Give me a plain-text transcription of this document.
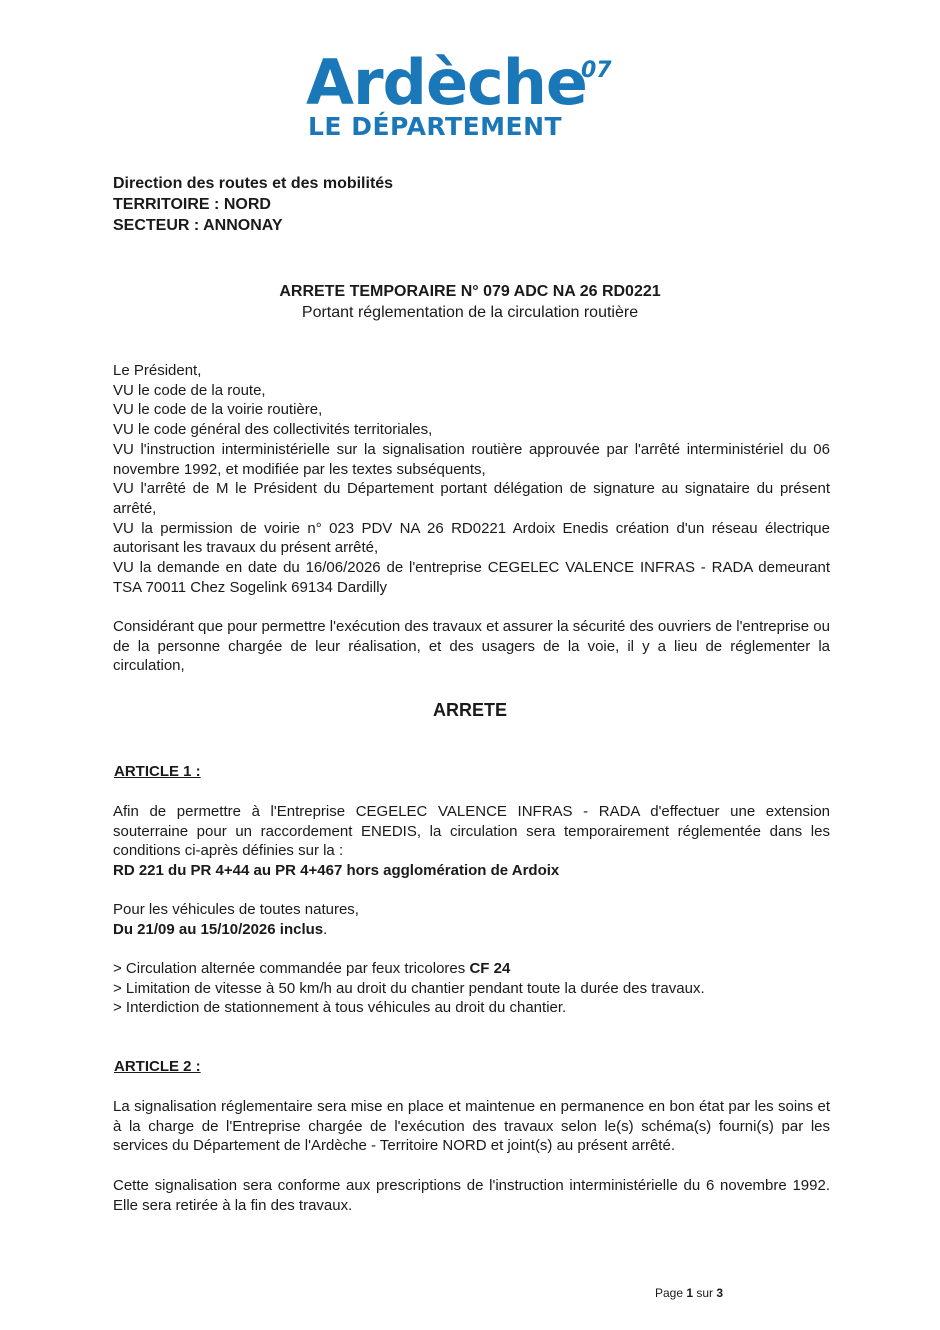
Ardèche
07
LE DÉPARTEMENT
Direction des routes et des mobilités
TERRITOIRE : NORD
SECTEUR : ANNONAY
ARRETE TEMPORAIRE N° 079 ADC NA 26 RD0221
Portant réglementation de la circulation routière
Le Président,
VU le code de la route,
VU le code de la voirie routière,
VU le code général des collectivités territoriales,
VU l'instruction interministérielle sur la signalisation routière approuvée par l'arrêté interministériel du 06 novembre 1992, et modifiée par les textes subséquents,
VU l'arrêté de M le Président du Département portant délégation de signature au signataire du présent arrêté,
VU la permission de voirie n° 023 PDV NA 26 RD0221 Ardoix Enedis création d'un réseau électrique autorisant les travaux du présent arrêté,
VU la demande en date du 16/06/2026 de l'entreprise CEGELEC VALENCE INFRAS - RADA demeurant TSA 70011 Chez Sogelink 69134 Dardilly
Considérant que pour permettre l'exécution des travaux et assurer la sécurité des ouvriers de l'entreprise ou de la personne chargée de leur réalisation, et des usagers de la voie, il y a lieu de réglementer la circulation,
ARRETE
ARTICLE 1 :
Afin de permettre à l'Entreprise CEGELEC VALENCE INFRAS - RADA d'effectuer une extension souterraine pour un raccordement ENEDIS, la circulation sera temporairement réglementée dans les conditions ci-après définies sur la :
RD 221 du PR 4+44 au PR 4+467 hors agglomération de Ardoix
Pour les véhicules de toutes natures,
Du 21/09 au 15/10/2026 inclus.
> Circulation alternée commandée par feux tricolores CF 24
> Limitation de vitesse à 50 km/h au droit du chantier pendant toute la durée des travaux.
> Interdiction de stationnement à tous véhicules au droit du chantier.
ARTICLE 2 :
La signalisation réglementaire sera mise en place et maintenue en permanence en bon état par les soins et à la charge de l'Entreprise chargée de l'exécution des travaux selon le(s) schéma(s) fourni(s) par les services du Département de l'Ardèche - Territoire NORD et joint(s) au présent arrêté.
Cette signalisation sera conforme aux prescriptions de l'instruction interministérielle du 6 novembre 1992. Elle sera retirée à la fin des travaux.
Page 1 sur 3
